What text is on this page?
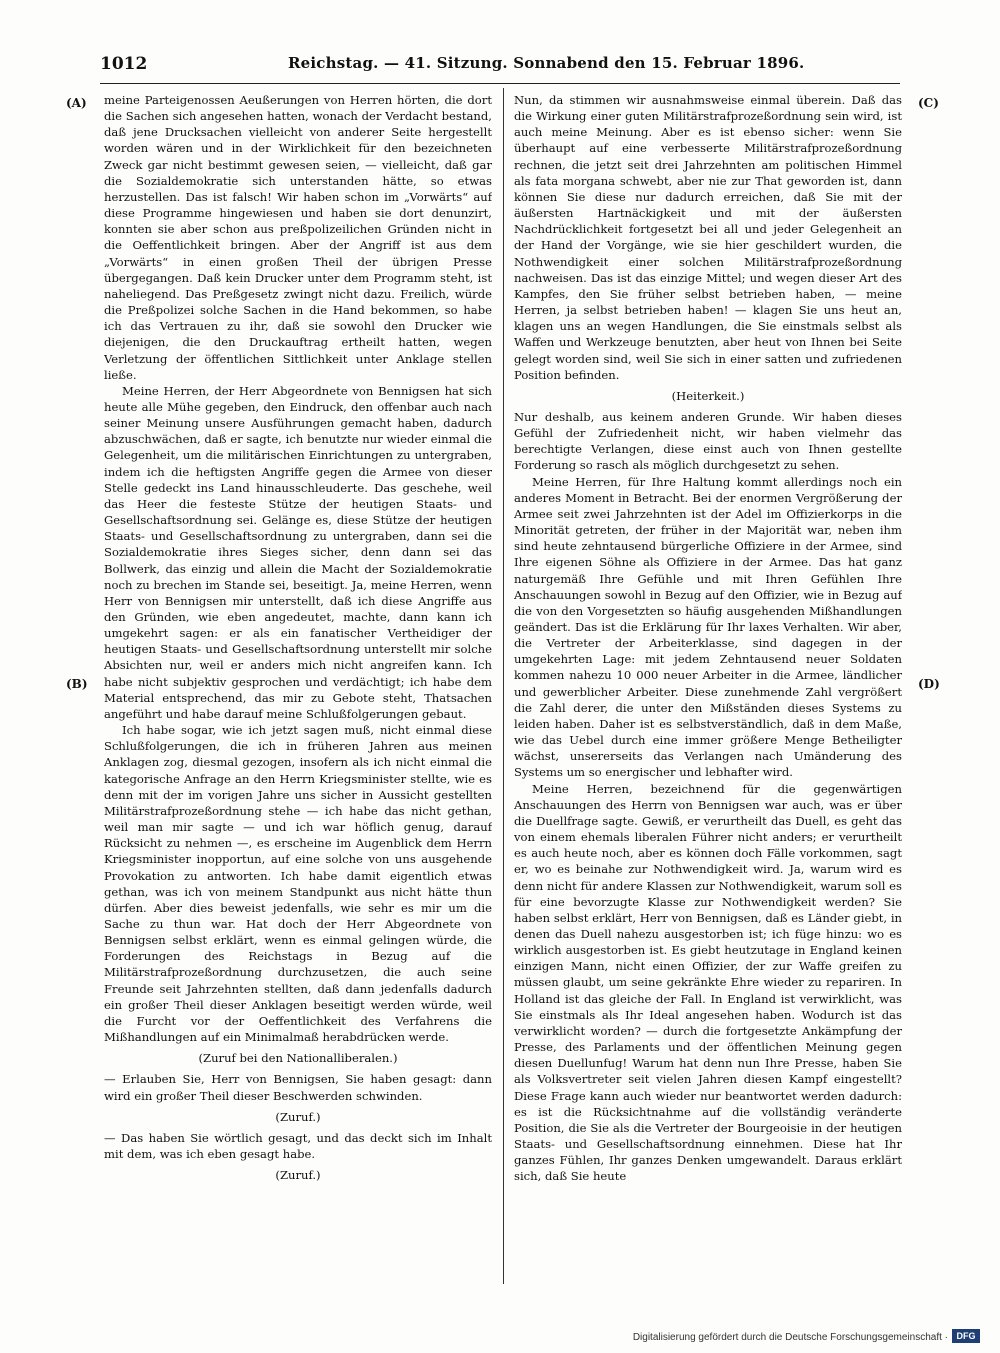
1012	Reichstag. — 41. Sitzung. Sonnabend den 15. Februar 1896.
(A)
(B)
(C)
(D)

meine Parteigenossen Aeußerungen von Herren hörten, die dort die Sachen sich angesehen hatten, wonach der Verdacht bestand, daß jene Drucksachen vielleicht von anderer Seite hergestellt worden wären und in der Wirklichkeit für den bezeichneten Zweck gar nicht bestimmt gewesen seien, — vielleicht, daß gar die Sozialdemokratie sich unterstanden hätte, so etwas herzustellen. Das ist falsch! Wir haben schon im „Vorwärts“ auf diese Programme hingewiesen und haben sie dort denunzirt, konnten sie aber schon aus preßpolizeilichen Gründen nicht in die Oeffentlichkeit bringen. Aber der Angriff ist aus dem „Vorwärts“ in einen großen Theil der übrigen Presse übergegangen. Daß kein Drucker unter dem Programm steht, ist naheliegend. Das Preßgesetz zwingt nicht dazu. Freilich, würde die Preßpolizei solche Sachen in die Hand bekommen, so habe ich das Vertrauen zu ihr, daß sie sowohl den Drucker wie diejenigen, die den Druckauftrag ertheilt hatten, wegen Verletzung der öffentlichen Sittlichkeit unter Anklage stellen ließe.

Meine Herren, der Herr Abgeordnete von Bennigsen hat sich heute alle Mühe gegeben, den Eindruck, den offenbar auch nach seiner Meinung unsere Ausführungen gemacht haben, dadurch abzuschwächen, daß er sagte, ich benutzte nur wieder einmal die Gelegenheit, um die militärischen Einrichtungen zu untergraben, indem ich die heftigsten Angriffe gegen die Armee von dieser Stelle gedeckt ins Land hinausschleuderte. Das geschehe, weil das Heer die festeste Stütze der heutigen Staats- und Gesellschaftsordnung sei. Gelänge es, diese Stütze der heutigen Staats- und Gesellschaftsordnung zu untergraben, dann sei die Sozialdemokratie ihres Sieges sicher, denn dann sei das Bollwerk, das einzig und allein die Macht der Sozialdemokratie noch zu brechen im Stande sei, beseitigt. Ja, meine Herren, wenn Herr von Bennigsen mir unterstellt, daß ich diese Angriffe aus den Gründen, wie eben angedeutet, machte, dann kann ich umgekehrt sagen: er als ein fanatischer Vertheidiger der heutigen Staats- und Gesellschaftsordnung unterstellt mir solche Absichten nur, weil er anders mich nicht angreifen kann. Ich habe nicht subjektiv gesprochen und verdächtigt; ich habe dem Material entsprechend, das mir zu Gebote steht, Thatsachen angeführt und habe darauf meine Schlußfolgerungen gebaut.

Ich habe sogar, wie ich jetzt sagen muß, nicht einmal diese Schlußfolgerungen, die ich in früheren Jahren aus meinen Anklagen zog, diesmal gezogen, insofern als ich nicht einmal die kategorische Anfrage an den Herrn Kriegsminister stellte, wie es denn mit der im vorigen Jahre uns sicher in Aussicht gestellten Militärstrafprozeßordnung stehe — ich habe das nicht gethan, weil man mir sagte — und ich war höflich genug, darauf Rücksicht zu nehmen —, es erscheine im Augenblick dem Herrn Kriegsminister inopportun, auf eine solche von uns ausgehende Provokation zu antworten. Ich habe damit eigentlich etwas gethan, was ich von meinem Standpunkt aus nicht hätte thun dürfen. Aber dies beweist jedenfalls, wie sehr es mir um die Sache zu thun war. Hat doch der Herr Abgeordnete von Bennigsen selbst erklärt, wenn es einmal gelingen würde, die Forderungen des Reichstags in Bezug auf die Militärstrafprozeßordnung durchzusetzen, die auch seine Freunde seit Jahrzehnten stellten, daß dann jedenfalls dadurch ein großer Theil dieser Anklagen beseitigt werden würde, weil die Furcht vor der Oeffentlichkeit des Verfahrens die Mißhandlungen auf ein Minimalmaß herabdrücken werde.

(Zuruf bei den Nationalliberalen.)

— Erlauben Sie, Herr von Bennigsen, Sie haben gesagt: dann wird ein großer Theil dieser Beschwerden schwinden.

(Zuruf.)

— Das haben Sie wörtlich gesagt, und das deckt sich im Inhalt mit dem, was ich eben gesagt habe.

(Zuruf.)

Nun, da stimmen wir ausnahmsweise einmal überein. Daß das die Wirkung einer guten Militärstrafprozeßordnung sein wird, ist auch meine Meinung. Aber es ist ebenso sicher: wenn Sie überhaupt auf eine verbesserte Militärstrafprozeßordnung rechnen, die jetzt seit drei Jahrzehnten am politischen Himmel als fata morgana schwebt, aber nie zur That geworden ist, dann können Sie diese nur dadurch erreichen, daß Sie mit der äußersten Hartnäckigkeit und mit der äußersten Nachdrücklichkeit fortgesetzt bei all und jeder Gelegenheit an der Hand der Vorgänge, wie sie hier geschildert wurden, die Nothwendigkeit einer solchen Militärstrafprozeßordnung nachweisen. Das ist das einzige Mittel; und wegen dieser Art des Kampfes, den Sie früher selbst betrieben haben, — meine Herren, ja selbst betrieben haben! — klagen Sie uns heut an, klagen uns an wegen Handlungen, die Sie einstmals selbst als Waffen und Werkzeuge benutzten, aber heut von Ihnen bei Seite gelegt worden sind, weil Sie sich in einer satten und zufriedenen Position befinden.

(Heiterkeit.)

Nur deshalb, aus keinem anderen Grunde. Wir haben dieses Gefühl der Zufriedenheit nicht, wir haben vielmehr das berechtigte Verlangen, diese einst auch von Ihnen gestellte Forderung so rasch als möglich durchgesetzt zu sehen.

Meine Herren, für Ihre Haltung kommt allerdings noch ein anderes Moment in Betracht. Bei der enormen Vergrößerung der Armee seit zwei Jahrzehnten ist der Adel im Offizierkorps in die Minorität getreten, der früher in der Majorität war, neben ihm sind heute zehntausend bürgerliche Offiziere in der Armee, sind Ihre eigenen Söhne als Offiziere in der Armee. Das hat ganz naturgemäß Ihre Gefühle und mit Ihren Gefühlen Ihre Anschauungen sowohl in Bezug auf den Offizier, wie in Bezug auf die von den Vorgesetzten so häufig ausgehenden Mißhandlungen geändert. Das ist die Erklärung für Ihr laxes Verhalten. Wir aber, die Vertreter der Arbeiterklasse, sind dagegen in der umgekehrten Lage: mit jedem Zehntausend neuer Soldaten kommen nahezu 10 000 neuer Arbeiter in die Armee, ländlicher und gewerblicher Arbeiter. Diese zunehmende Zahl vergrößert die Zahl derer, die unter den Mißständen dieses Systems zu leiden haben. Daher ist es selbstverständlich, daß in dem Maße, wie das Uebel durch eine immer größere Menge Betheiligter wächst, unsererseits das Verlangen nach Umänderung des Systems um so energischer und lebhafter wird.

Meine Herren, bezeichnend für die gegenwärtigen Anschauungen des Herrn von Bennigsen war auch, was er über die Duellfrage sagte. Gewiß, er verurtheilt das Duell, es geht das von einem ehemals liberalen Führer nicht anders; er verurtheilt es auch heute noch, aber es können doch Fälle vorkommen, sagt er, wo es beinahe zur Nothwendigkeit wird. Ja, warum wird es denn nicht für andere Klassen zur Nothwendigkeit, warum soll es für eine bevorzugte Klasse zur Nothwendigkeit werden? Sie haben selbst erklärt, Herr von Bennigsen, daß es Länder giebt, in denen das Duell nahezu ausgestorben ist; ich füge hinzu: wo es wirklich ausgestorben ist. Es giebt heutzutage in England keinen einzigen Mann, nicht einen Offizier, der zur Waffe greifen zu müssen glaubt, um seine gekränkte Ehre wieder zu repariren. In Holland ist das gleiche der Fall. In England ist verwirklicht, was Sie einstmals als Ihr Ideal angesehen haben. Wodurch ist das verwirklicht worden? — durch die fortgesetzte Ankämpfung der Presse, des Parlaments und der öffentlichen Meinung gegen diesen Duellunfug! Warum hat denn nun Ihre Presse, haben Sie als Volksvertreter seit vielen Jahren diesen Kampf eingestellt? Diese Frage kann auch wieder nur beantwortet werden dadurch: es ist die Rücksichtnahme auf die vollständig veränderte Position, die Sie als die Vertreter der Bourgeoisie in der heutigen Staats- und Gesellschaftsordnung einnehmen. Diese hat Ihr ganzes Fühlen, Ihr ganzes Denken umgewandelt. Daraus erklärt sich, daß Sie heute

Digitalisierung gefördert durch die Deutsche Forschungsgemeinschaft · DFG
